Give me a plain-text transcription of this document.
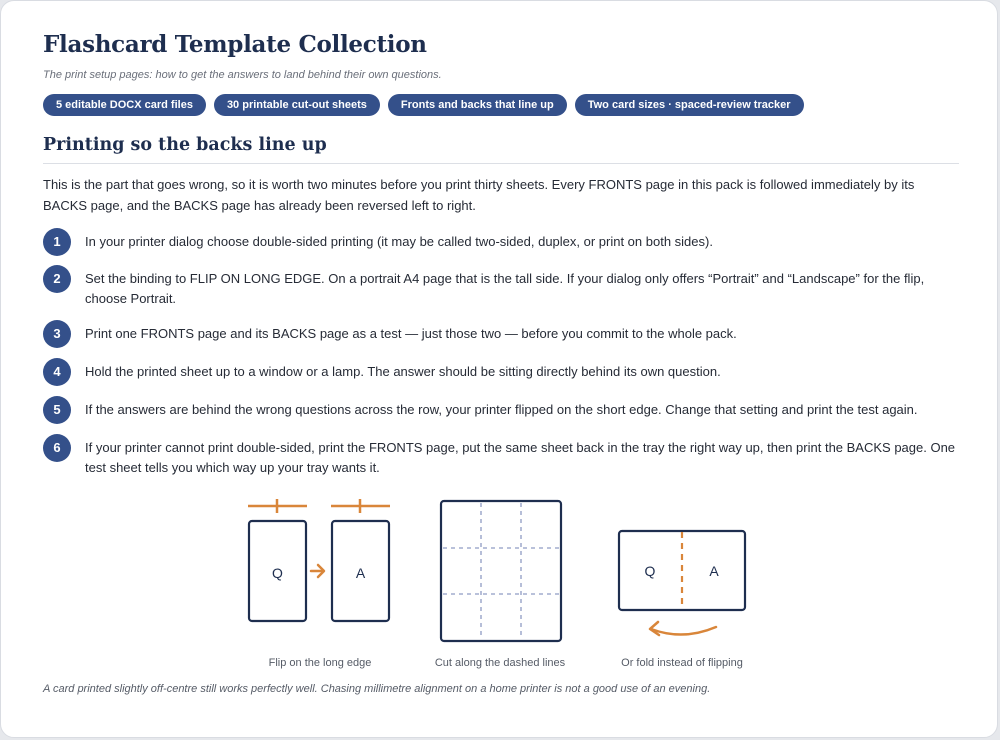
Flashcard Template Collection
The print setup pages: how to get the answers to land behind their own questions.
5 editable DOCX card files	30 printable cut-out sheets	Fronts and backs that line up	Two card sizes · spaced-review tracker
Printing so the backs line up

This is the part that goes wrong, so it is worth two minutes before you print thirty sheets. Every FRONTS page in this pack is followed immediately by its BACKS page, and the BACKS page has already been reversed left to right.

1	In your printer dialog choose double-sided printing (it may be called two-sided, duplex, or print on both sides).
2	Set the binding to FLIP ON LONG EDGE. On a portrait A4 page that is the tall side. If your dialog only offers “Portrait” and “Landscape” for the flip, choose Portrait.
3	Print one FRONTS page and its BACKS page as a test — just those two — before you commit to the whole pack.
4	Hold the printed sheet up to a window or a lamp. The answer should be sitting directly behind its own question.
5	If the answers are behind the wrong questions across the row, your printer flipped on the short edge. Change that setting and print the test again.
6	If your printer cannot print double-sided, print the FRONTS page, put the same sheet back in the tray the right way up, then print the BACKS page. One test sheet tells you which way up your tray wants it.
Q	A	Q	A
Flip on the long edge	Cut along the dashed lines	Or fold instead of flipping
A card printed slightly off-centre still works perfectly well. Chasing millimetre alignment on a home printer is not a good use of an evening.
